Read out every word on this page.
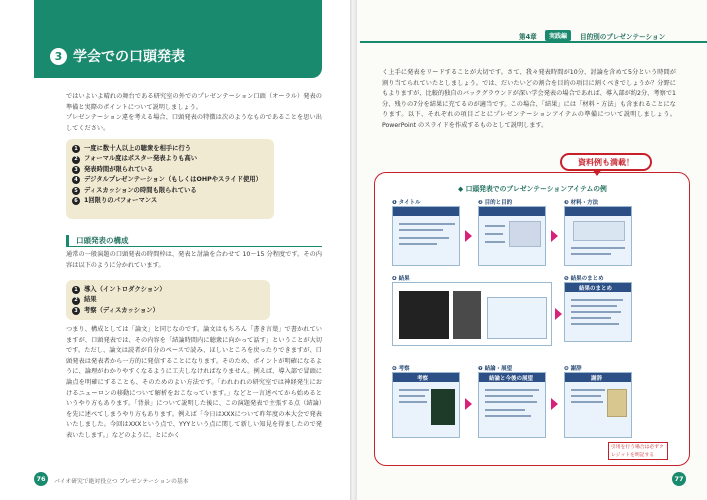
3 学会での口頭発表

ではいよいよ晴れの舞台である研究室の外でのプレゼンテーション口頭（オーラル）発表の準備と実際のポイントについて説明しましょう。

プレゼンテーション違を考える場合、口頭発表の特徴は次のようなものであることを思い出してください。

1 一度に数十人以上の聴衆を相手に行う
2 フォーマル度はポスター発表よりも高い
3 発表時間が限られている
4 デジタルプレゼンテーション（もしくはOHPやスライド使用）
5 ディスカッションの時間も限られている
6 1回限りのパフォーマンス
口頭発表の構成

通常の一般演題の口頭発表の時間枠は、発表と討論を合わせて 10〜15 分程度です。その内容は以下のように分かれています。

1 導入（イントロダクション）
2 結果
3 考察（ディスカッション）

つまり、構成としては「論文」と同じなのです。論文はもちろん「書き言葉」で書かれていますが、口頭発表では、その内容を「結論時間内に聴衆に向かって話す」ということが大切です。ただし、論文は読者が自分のペースで読み、ほしいところを戻ったりできますが、口頭発表は発表者から一方的に発信することになります。そのため、ポイントが明確になるように、論理がわかりやすくなるように工夫しなければなりません。例えば、導入部で冒頭に論点を明確にすることも、そのためのよい方法です。「われわれの研究室では神経発生におけるニューロンの移動について解析をおこなっています。」などと一言述べてから始めるというやり方もあります。「背景」について説明した後に、この演題発表で主張する点（結論）を先に述べてしまうやり方もあります。例えば「今日はXXXについて昨年度の本大会で発表いたしました。今回はXXXという点で、YYYという点に関して新しい知見を得ましたので発表いたします。」などのように、とにかく

76	バイオ研究で絶対役立つ プレゼンテーションの基本
第4章	実践編	目的別のプレゼンテーション

く上手に発表をリードすることが大切です。さて、我々発表時間が10分、討論を含めて5分という時間が割り当てられていたとしましょう。では、だいたいどの割合を目的の項目に割くべきでしょうか？分野にもよりますが、比較的独自のバックグラウンドが深い学会発表の場合であれば、導入部が約2分、考察で1分、残りの7分を結果に充てるのが適当です。この場合、「結果」には「材料・方法」も含まれることになります。以下、それぞれの項目ごとにプレゼンテーションアイテムの準備について説明しましょう。PowerPoint のスライドを作成するものとして説明します。

資料例も満載！
◆ 口頭発表でのプレゼンテーションアイテムの例
❶ タイトル	❷ 目的と目的	❸ 材料・方法
❹ 結果	❺ 結果のまとめ
結果のまとめ
❻ 考察
考察
❼ 結論・展望
結論と今後の展望
❽ 謝辞
謝辞
引用を行う場合は必ずクレジットを明記する
77
